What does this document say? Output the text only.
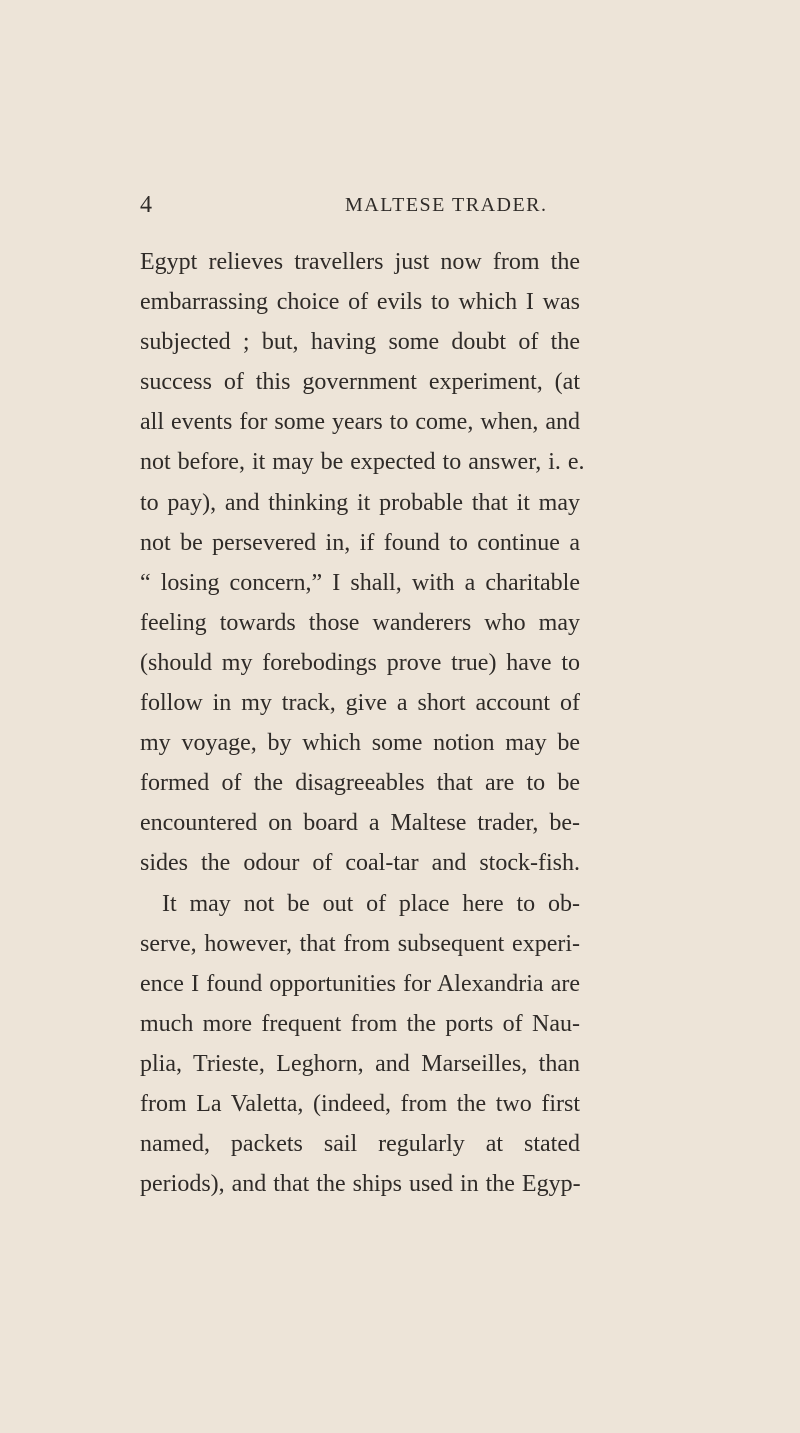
4	MALTESE TRADER.
Egypt relieves travellers just now from the
embarrassing choice of evils to which I was
subjected ; but, having some doubt of the
success of this government experiment, (at
all events for some years to come, when, and
not before, it may be expected to answer, i. e.
to pay), and thinking it probable that it may
not be persevered in, if found to continue a
“ losing concern,” I shall, with a charitable
feeling towards those wanderers who may
(should my forebodings prove true) have to
follow in my track, give a short account of
my voyage, by which some notion may be
formed of the disagreeables that are to be
encountered on board a Maltese trader, be-
sides the odour of coal-tar and stock-fish.
It may not be out of place here to ob-
serve, however, that from subsequent experi-
ence I found opportunities for Alexandria are
much more frequent from the ports of Nau-
plia, Trieste, Leghorn, and Marseilles, than
from La Valetta, (indeed, from the two first
named, packets sail regularly at stated
periods), and that the ships used in the Egyp-
